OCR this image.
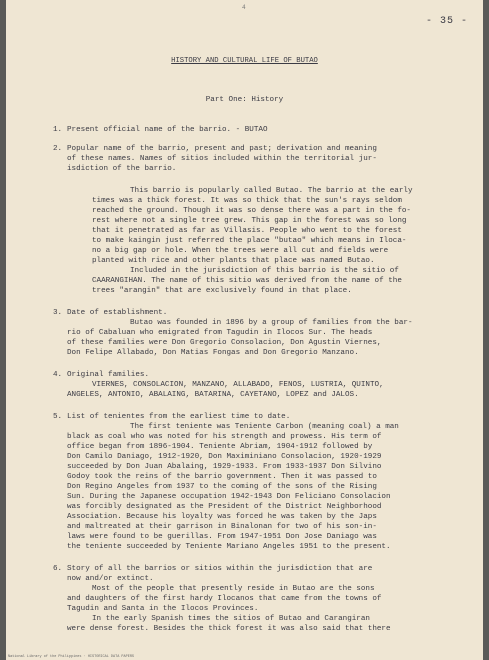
4
- 35 -
HISTORY AND CULTURAL LIFE OF BUTAO
Part One: History
1. Present official name of the barrio. - BUTAO
2. Popular name of the barrio, present and past; derivation and meaning
of these names. Names of sitios included within the territorial jur-
isdiction of the barrio.
This barrio is popularly called Butao. The barrio at the early
times was a thick forest. It was so thick that the sun's rays seldom
reached the ground. Though it was so dense there was a part in the fo-
rest where not a single tree grew. This gap in the forest was so long
that it penetrated as far as Villasis. People who went to the forest
to make kaingin just referred the place "butao" which means in Iloca-
no a big gap or hole. When the trees were all cut and fields were
planted with rice and other plants that place was named Butao.
Included in the jurisdiction of this barrio is the sitio of
CAARANGIHAN. The name of this sitio was derived from the name of the
trees "arangin" that are exclusively found in that place.
3. Date of establishment.
Butao was founded in 1896 by a group of families from the bar-
rio of Cabaluan who emigrated from Tagudin in Ilocos Sur. The heads
of these families were Don Gregorio Consolacion, Don Agustin Viernes,
Don Felipe Allabado, Don Matias Fongas and Don Gregorio Manzano.
4. Original families.
VIERNES, CONSOLACION, MANZANO, ALLABADO, FENOS, LUSTRIA, QUINTO,
ANGELES, ANTONIO, ABALAING, BATARINA, CAYETANO, LOPEZ and JALOS.
5. List of tenientes from the earliest time to date.
The first teniente was Teniente Carbon (meaning coal) a man
black as coal who was noted for his strength and prowess. His term of
office began from 1896-1904. Teniente Abriam, 1904-1912 followed by
Don Camilo Daniago, 1912-1920, Don Maximiniano Consolacion, 1920-1929
succeeded by Don Juan Abalaing, 1929-1933. From 1933-1937 Don Silvino
Godoy took the reins of the barrio government. Then it was passed to
Don Regino Angeles from 1937 to the coming of the sons of the Rising
Sun. During the Japanese occupation 1942-1943 Don Feliciano Consolacion
was forcibly designated as the President of the District Neighborhood
Association. Because his loyalty was forced he was taken by the Japs
and maltreated at their garrison in Binalonan for two of his son-in-
laws were found to be guerillas. From 1947-1951 Don Jose Daniago was
the teniente succeeded by Teniente Mariano Angeles 1951 to the present.
6. Story of all the barrios or sitios within the jurisdiction that are
now and/or extinct.
Most of the people that presently reside in Butao are the sons
and daughters of the first hardy Ilocanos that came from the towns of
Tagudin and Santa in the Ilocos Provinces.
In the early Spanish times the sitios of Butao and Carangiran
were dense forest. Besides the thick forest it was also said that there
National Library of the Philippines · HISTORICAL DATA PAPERS
